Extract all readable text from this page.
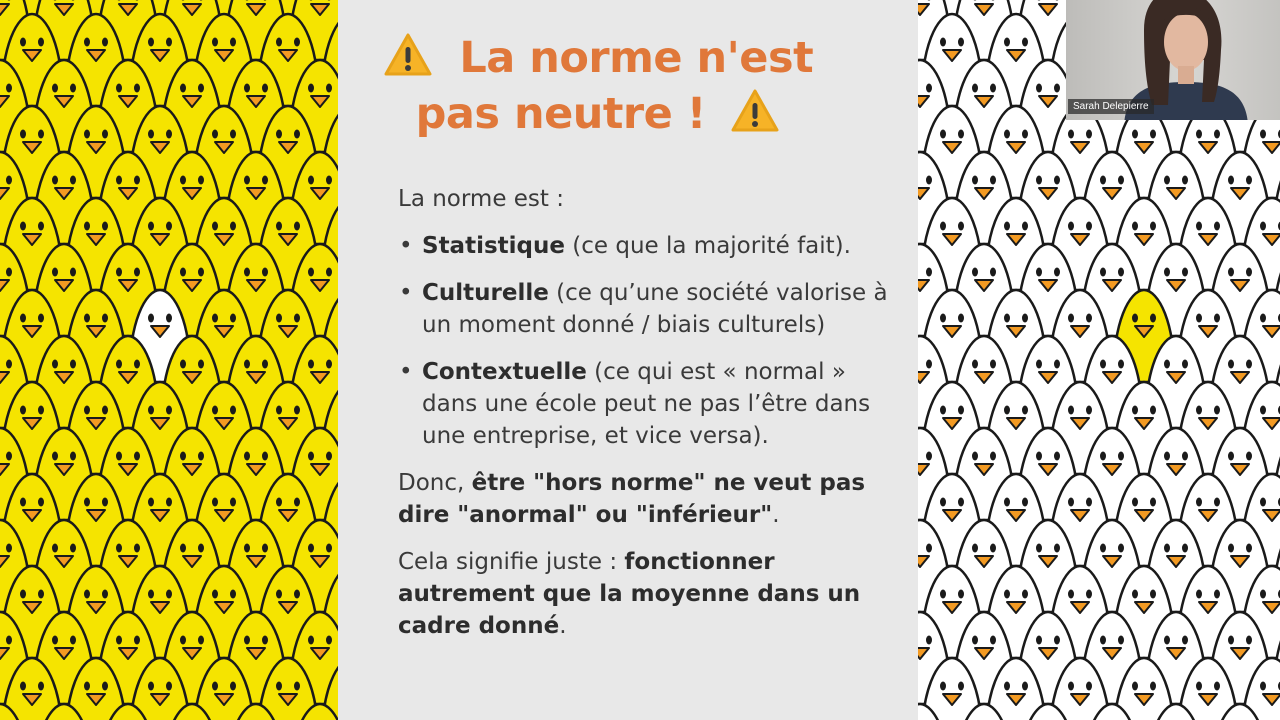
La norme n'est
pas neutre !

La norme est :

• Statistique (ce que la majorité fait).
• Culturelle (ce qu’une société valorise à un moment donné / biais culturels)
• Contextuelle (ce qui est « normal » dans une école peut ne pas l’être dans une entreprise, et vice versa).

Donc, être "hors norme" ne veut pas dire "anormal" ou "inférieur".

Cela signifie juste : fonctionner autrement que la moyenne dans un cadre donné.

Sarah Delepierre
